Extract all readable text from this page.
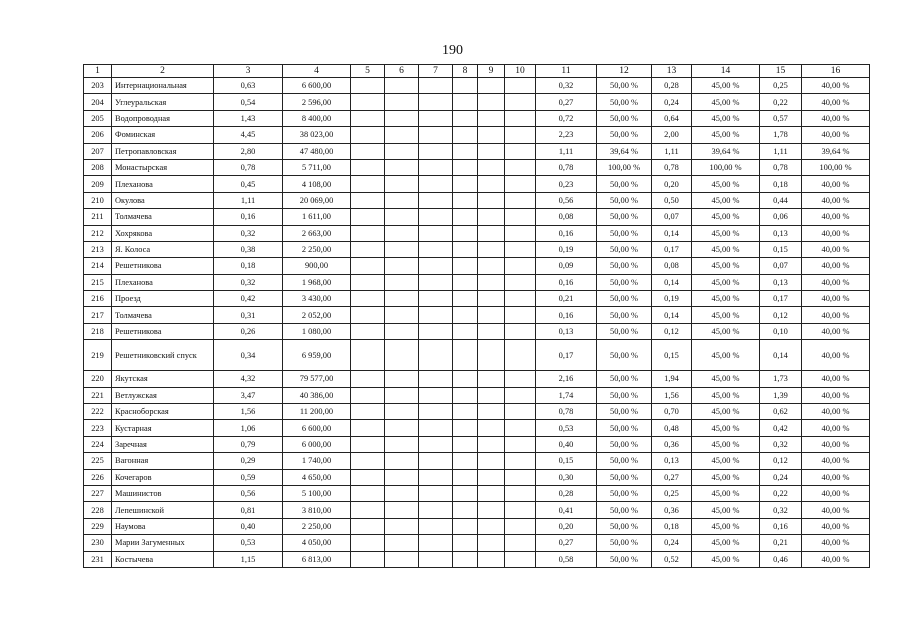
190
1	2	3	4	5	6	7	8	9	10	11	12	13	14	15	16
203	Интернациональная	0,63	6 600,00							0,32	50,00 %	0,28	45,00 %	0,25	40,00 %
204	Углеуральская	0,54	2 596,00							0,27	50,00 %	0,24	45,00 %	0,22	40,00 %
205	Водопроводная	1,43	8 400,00							0,72	50,00 %	0,64	45,00 %	0,57	40,00 %
206	Фоминская	4,45	38 023,00							2,23	50,00 %	2,00	45,00 %	1,78	40,00 %
207	Петропавловская	2,80	47 480,00							1,11	39,64 %	1,11	39,64 %	1,11	39,64 %
208	Монастырская	0,78	5 711,00							0,78	100,00 %	0,78	100,00 %	0,78	100,00 %
209	Плеханова	0,45	4 108,00							0,23	50,00 %	0,20	45,00 %	0,18	40,00 %
210	Окулова	1,11	20 069,00							0,56	50,00 %	0,50	45,00 %	0,44	40,00 %
211	Толмачева	0,16	1 611,00							0,08	50,00 %	0,07	45,00 %	0,06	40,00 %
212	Хохрякова	0,32	2 663,00							0,16	50,00 %	0,14	45,00 %	0,13	40,00 %
213	Я. Колоса	0,38	2 250,00							0,19	50,00 %	0,17	45,00 %	0,15	40,00 %
214	Решетникова	0,18	900,00							0,09	50,00 %	0,08	45,00 %	0,07	40,00 %
215	Плеханова	0,32	1 968,00							0,16	50,00 %	0,14	45,00 %	0,13	40,00 %
216	Проезд	0,42	3 430,00							0,21	50,00 %	0,19	45,00 %	0,17	40,00 %
217	Толмачева	0,31	2 052,00							0,16	50,00 %	0,14	45,00 %	0,12	40,00 %
218	Решетникова	0,26	1 080,00							0,13	50,00 %	0,12	45,00 %	0,10	40,00 %
219	Решетниковский спуск	0,34	6 959,00							0,17	50,00 %	0,15	45,00 %	0,14	40,00 %
220	Якутская	4,32	79 577,00							2,16	50,00 %	1,94	45,00 %	1,73	40,00 %
221	Ветлужская	3,47	40 386,00							1,74	50,00 %	1,56	45,00 %	1,39	40,00 %
222	Красноборская	1,56	11 200,00							0,78	50,00 %	0,70	45,00 %	0,62	40,00 %
223	Кустарная	1,06	6 600,00							0,53	50,00 %	0,48	45,00 %	0,42	40,00 %
224	Заречная	0,79	6 000,00							0,40	50,00 %	0,36	45,00 %	0,32	40,00 %
225	Вагонная	0,29	1 740,00							0,15	50,00 %	0,13	45,00 %	0,12	40,00 %
226	Кочегаров	0,59	4 650,00							0,30	50,00 %	0,27	45,00 %	0,24	40,00 %
227	Машинистов	0,56	5 100,00							0,28	50,00 %	0,25	45,00 %	0,22	40,00 %
228	Лепешинской	0,81	3 810,00							0,41	50,00 %	0,36	45,00 %	0,32	40,00 %
229	Наумова	0,40	2 250,00							0,20	50,00 %	0,18	45,00 %	0,16	40,00 %
230	Марии Загуменных	0,53	4 050,00							0,27	50,00 %	0,24	45,00 %	0,21	40,00 %
231	Костычева	1,15	6 813,00							0,58	50,00 %	0,52	45,00 %	0,46	40,00 %
